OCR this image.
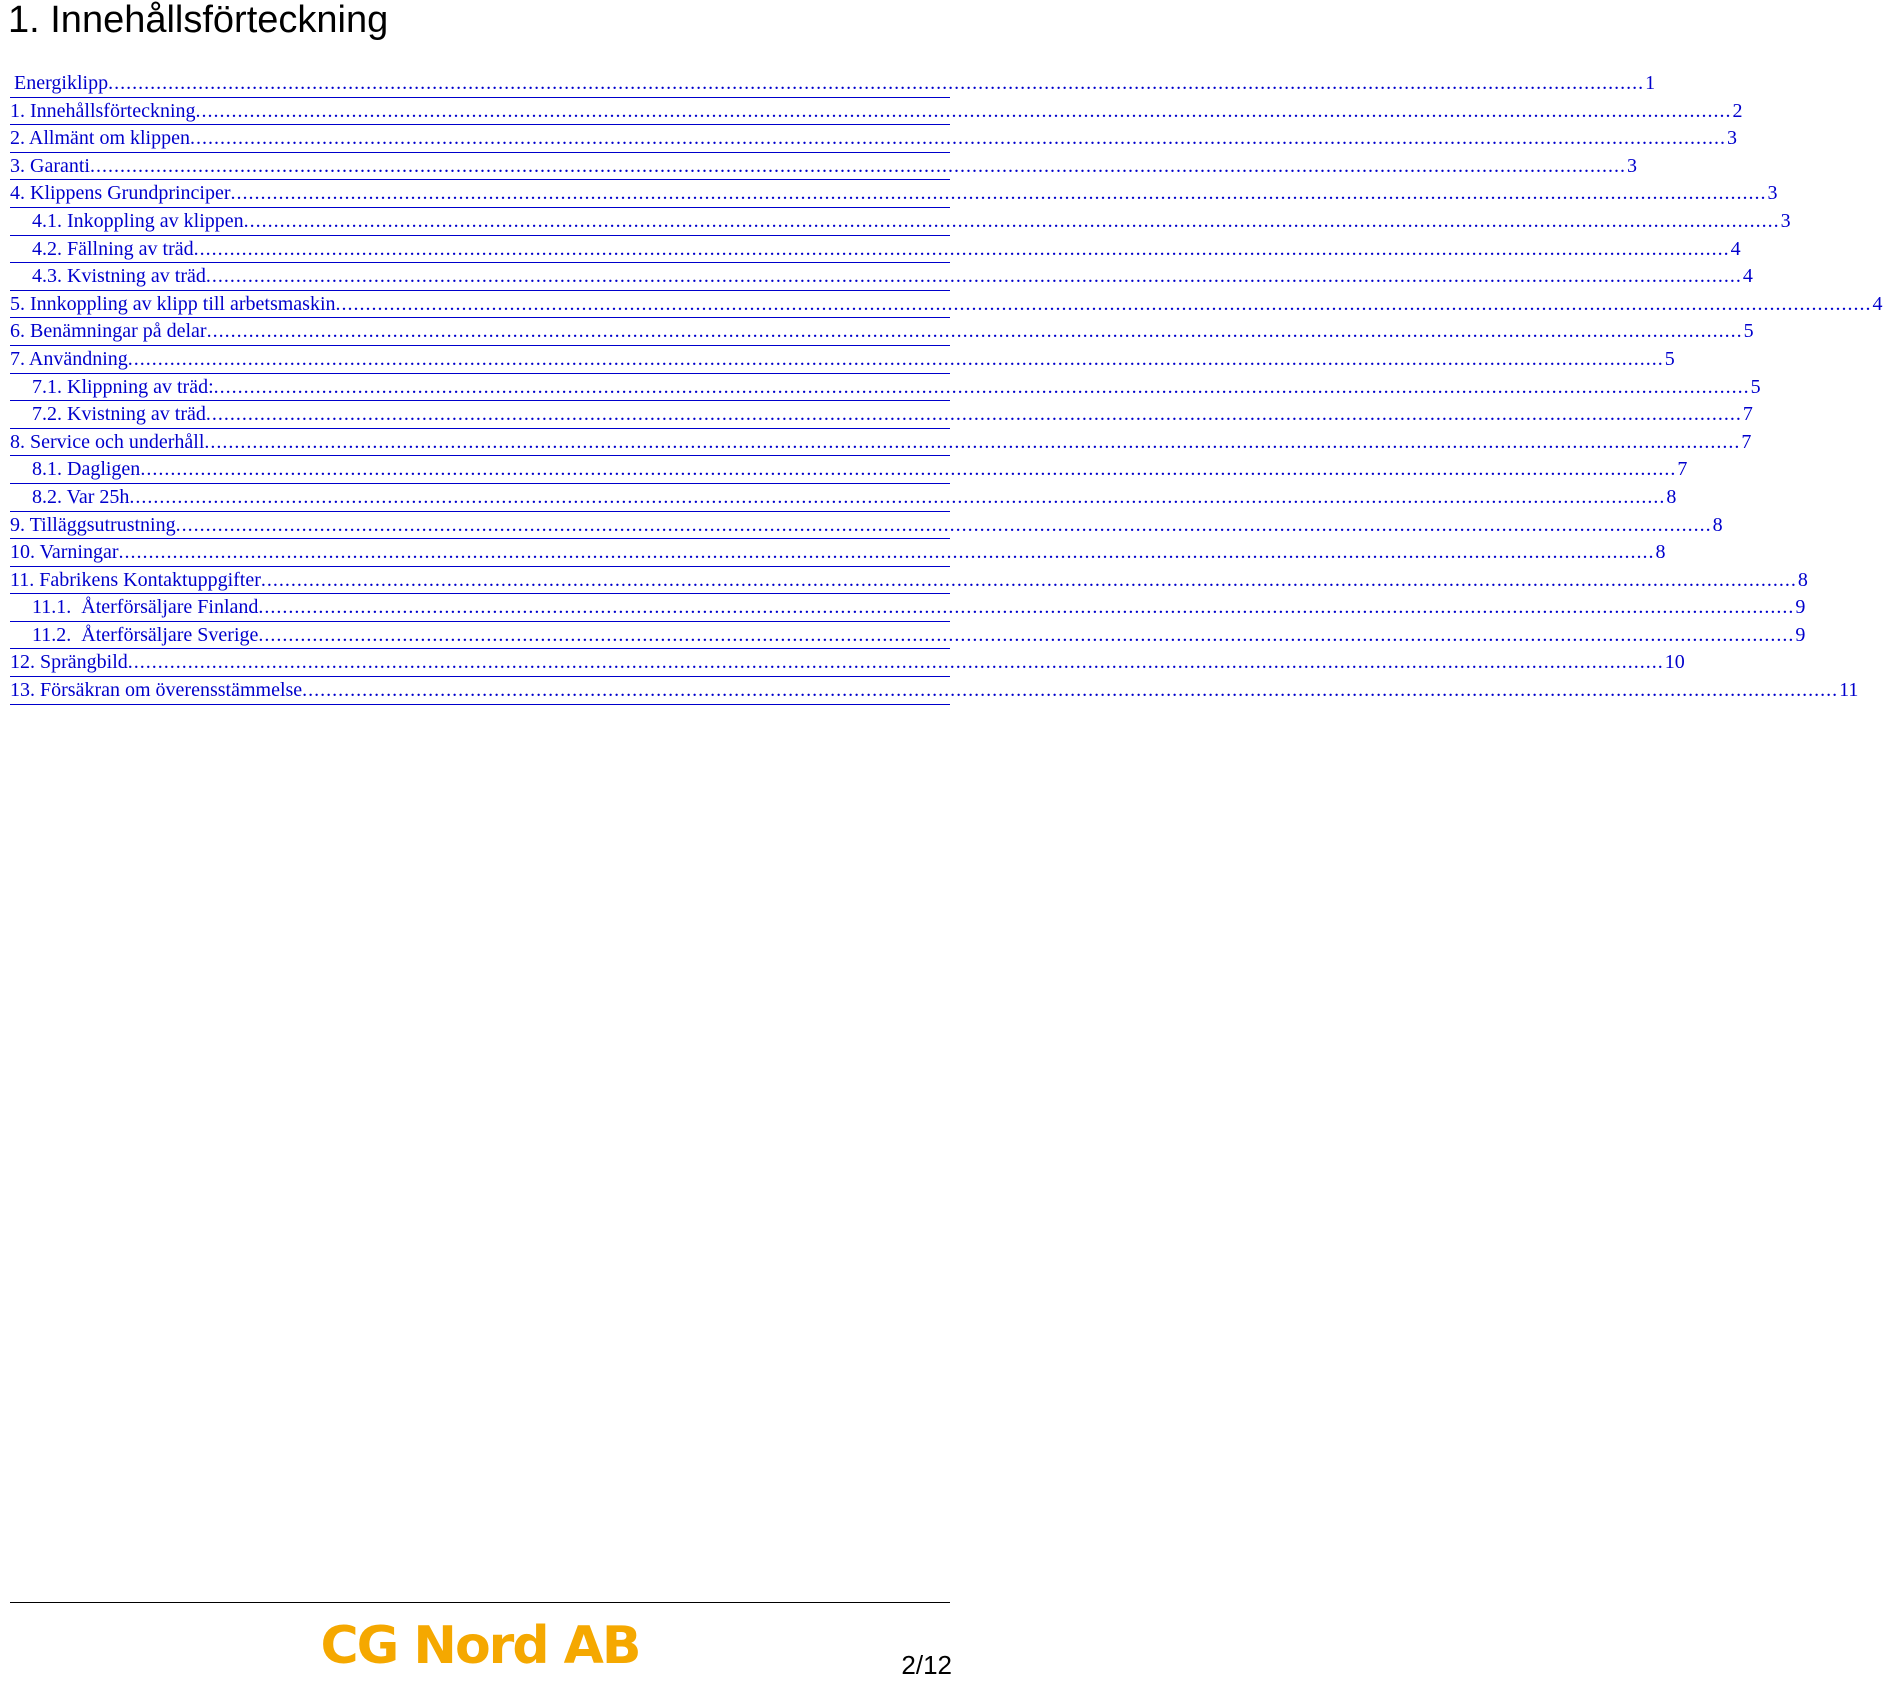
1. Innehållsförteckning
Energiklipp .....	1
1. Innehållsförteckning .....	2
2. Allmänt om klippen .....	3
3. Garanti .....	3
4. Klippens Grundprinciper .....	3
4.1. Inkoppling av klippen .....	3
4.2. Fällning av träd .....	4
4.3. Kvistning av träd .....	4
5. Innkoppling av klipp till arbetsmaskin .....	4
6. Benämningar på delar .....	5
7. Användning .....	5
7.1. Klippning av träd: .....	5
7.2. Kvistning av träd .....	7
8. Service och underhåll .....	7
8.1. Dagligen .....	7
8.2. Var 25h .....	8
9. Tilläggsutrustning .....	8
10. Varningar .....	8
11. Fabrikens Kontaktuppgifter .....	8
11.1.  Återförsäljare Finland .....	9
11.2.  Återförsäljare Sverige .....	9
12. Sprängbild .....	10
13. Försäkran om överensstämmelse .....	11
CG Nord AB	2/12
